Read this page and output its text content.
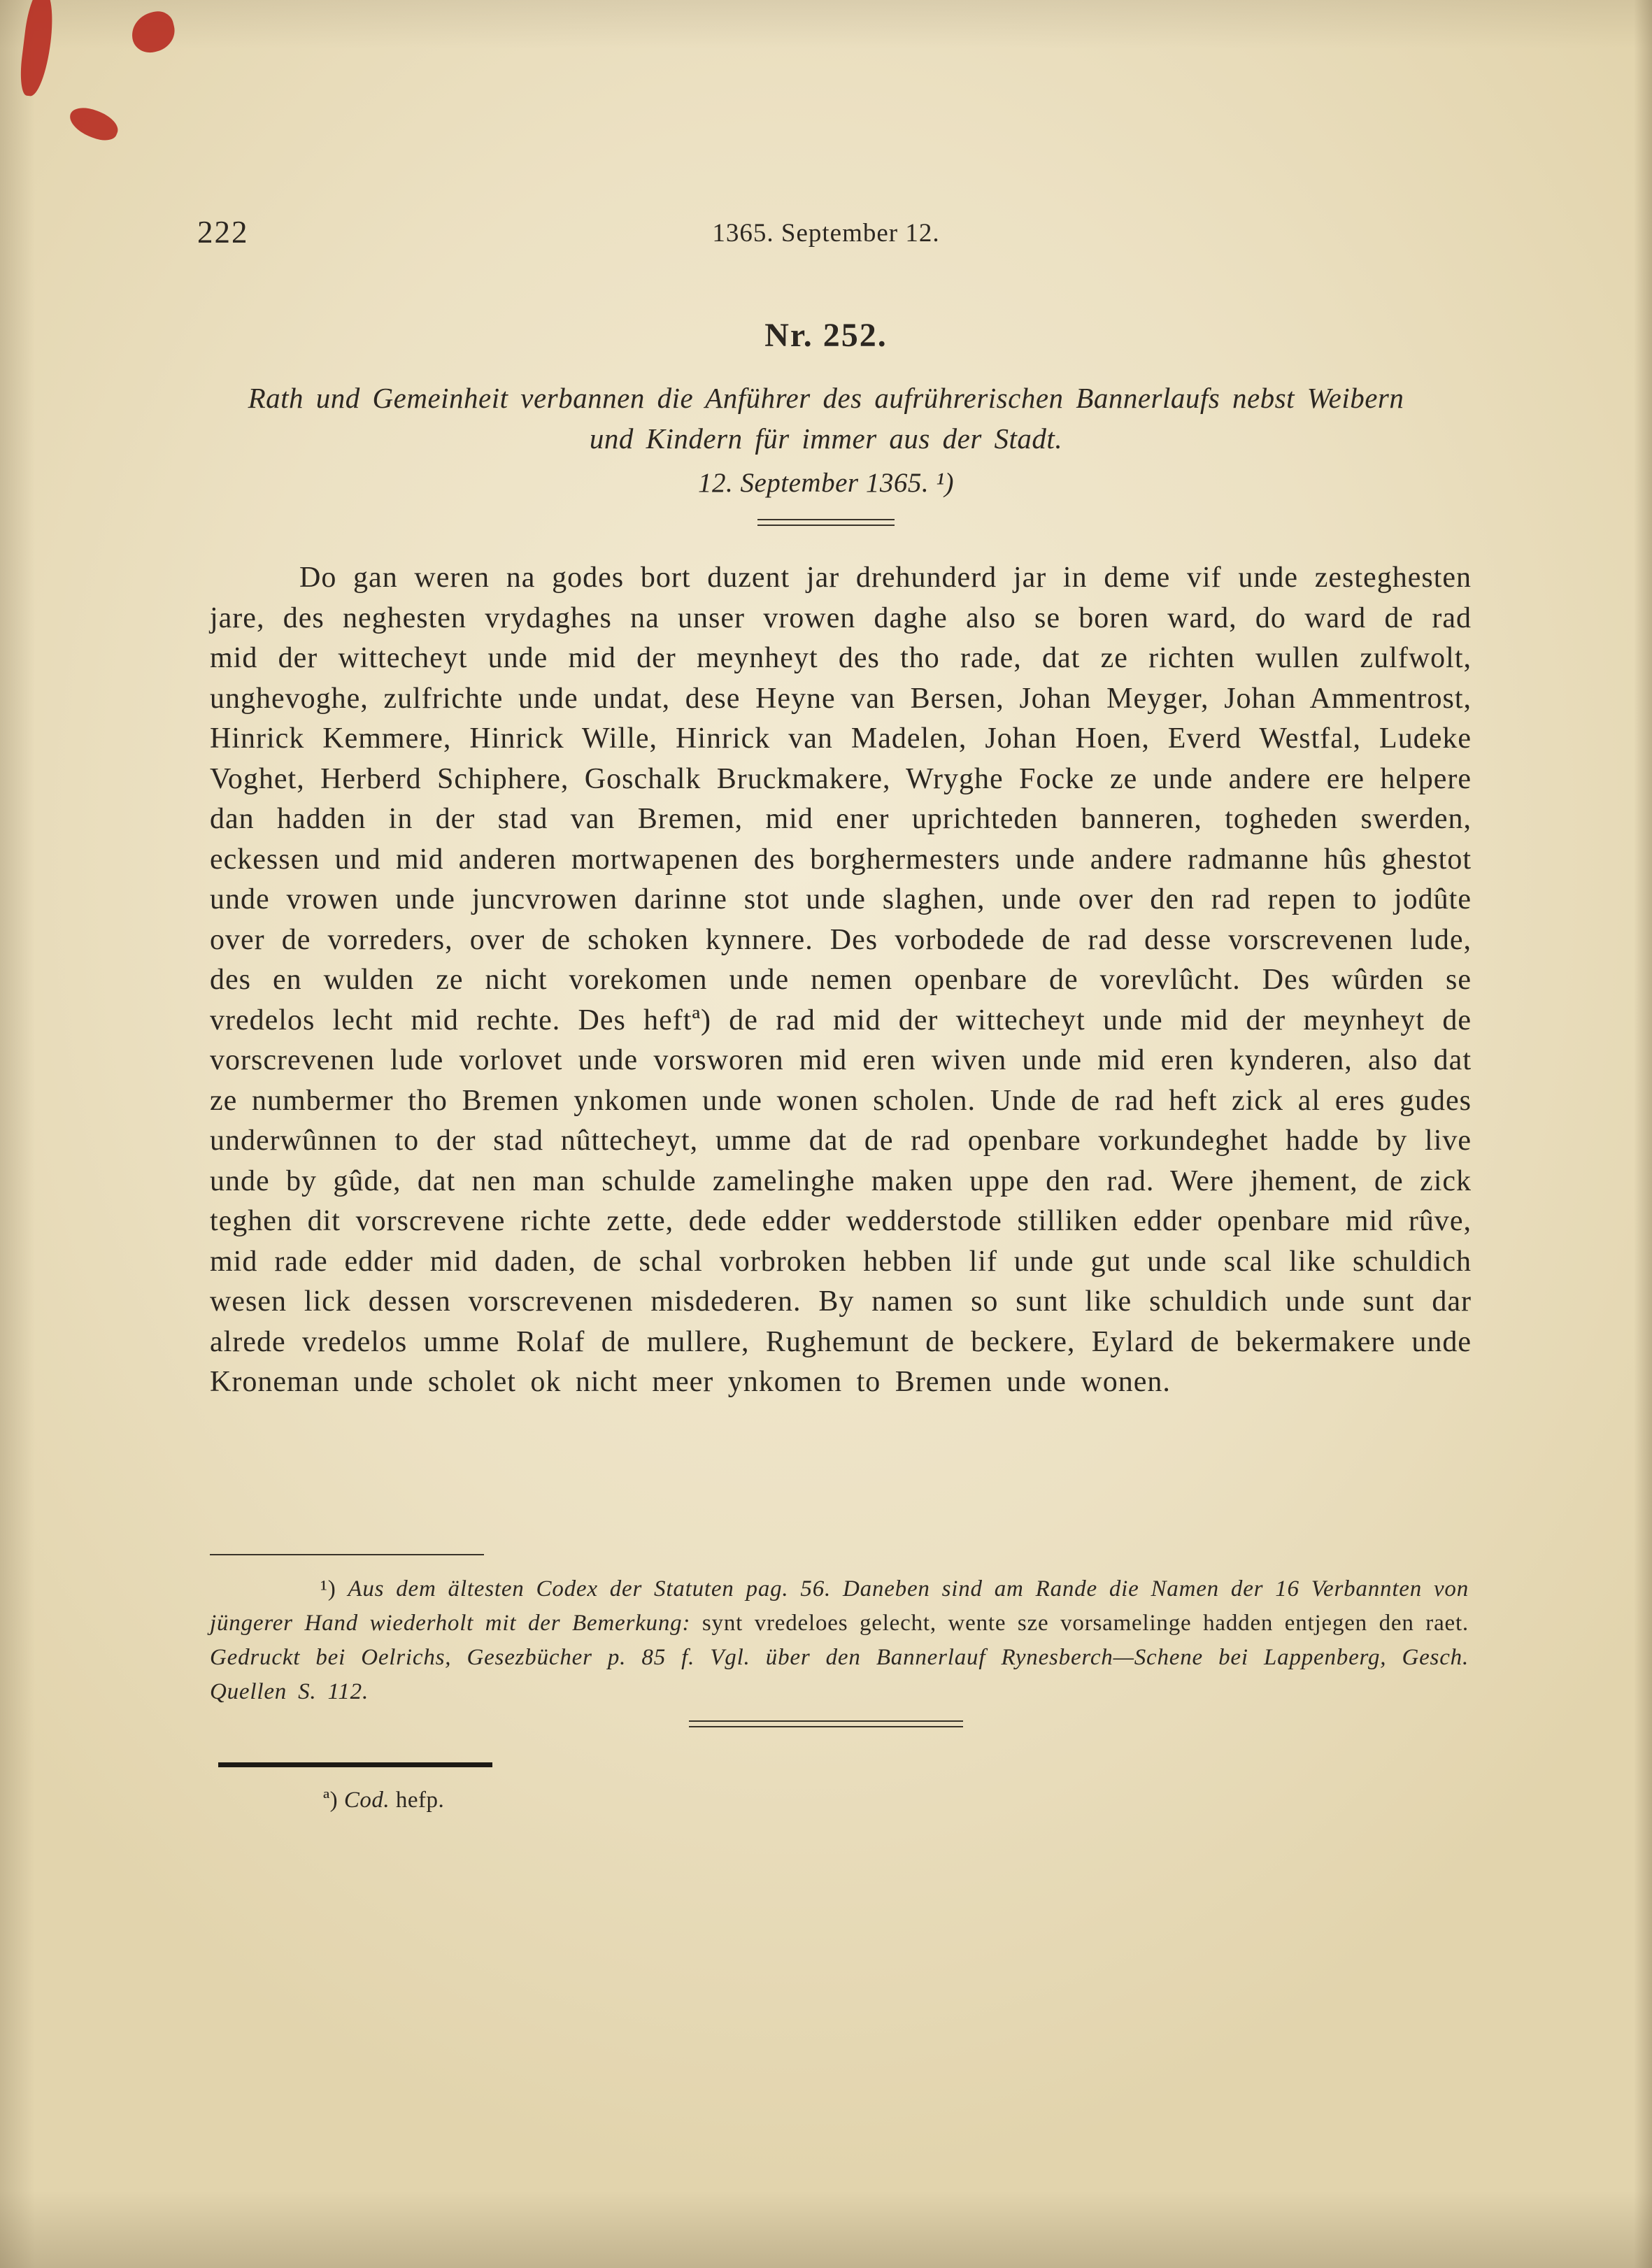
222	1365. September 12.
Nr. 252.

Rath und Gemeinheit verbannen die Anführer des aufrührerischen Bannerlaufs nebst Weibern und Kindern für immer aus der Stadt.

12. September 1365. ¹)

Do gan weren na godes bort duzent jar drehunderd jar in deme vif unde zesteghesten jare, des neghesten vrydaghes na unser vrowen daghe also se boren ward, do ward de rad mid der wittecheyt unde mid der meynheyt des tho rade, dat ze richten wullen zulfwolt, unghevoghe, zulfrichte unde undat, dese Heyne van Bersen, Johan Meyger, Johan Ammentrost, Hinrick Kemmere, Hinrick Wille, Hinrick van Madelen, Johan Hoen, Everd Westfal, Ludeke Voghet, Herberd Schiphere, Goschalk Bruckmakere, Wryghe Focke ze unde andere ere helpere dan hadden in der stad van Bremen, mid ener uprichteden banneren, togheden swerden, eckessen und mid anderen mortwapenen des borghermesters unde andere radmanne hûs ghestot unde vrowen unde juncvrowen darinne stot unde slaghen, unde over den rad repen to jodûte over de vorreders, over de schoken kynnere. Des vorbodede de rad desse vorscrevenen lude, des en wulden ze nicht vorekomen unde nemen openbare de vorevlûcht. Des wûrden se vredelos lecht mid rechte. Des heftª) de rad mid der wittecheyt unde mid der meynheyt de vorscrevenen lude vorlovet unde vorsworen mid eren wiven unde mid eren kynderen, also dat ze numbermer tho Bremen ynkomen unde wonen scholen. Unde de rad heft zick al eres gudes underwûnnen to der stad nûttecheyt, umme dat de rad openbare vorkundeghet hadde by live unde by gûde, dat nen man schulde zamelinghe maken uppe den rad. Were jhement, de zick teghen dit vorscrevene richte zette, dede edder wedderstode stilliken edder openbare mid rûve, mid rade edder mid daden, de schal vorbroken hebben lif unde gut unde scal like schuldich wesen lick dessen vorscrevenen misdederen. By namen so sunt like schuldich unde sunt dar alrede vredelos umme Rolaf de mullere, Rughemunt de beckere, Eylard de bekermakere unde Kroneman unde scholet ok nicht meer ynkomen to Bremen unde wonen.

¹) Aus dem ältesten Codex der Statuten pag. 56. Daneben sind am Rande die Namen der 16 Verbannten von jüngerer Hand wiederholt mit der Bemerkung: synt vredeloes gelecht, wente sze vorsamelinge hadden entjegen den raet. Gedruckt bei Oelrichs, Gesezbücher p. 85 f. Vgl. über den Bannerlauf Rynesberch—Schene bei Lappenberg, Gesch. Quellen S. 112.

ª) Cod. hefp.
